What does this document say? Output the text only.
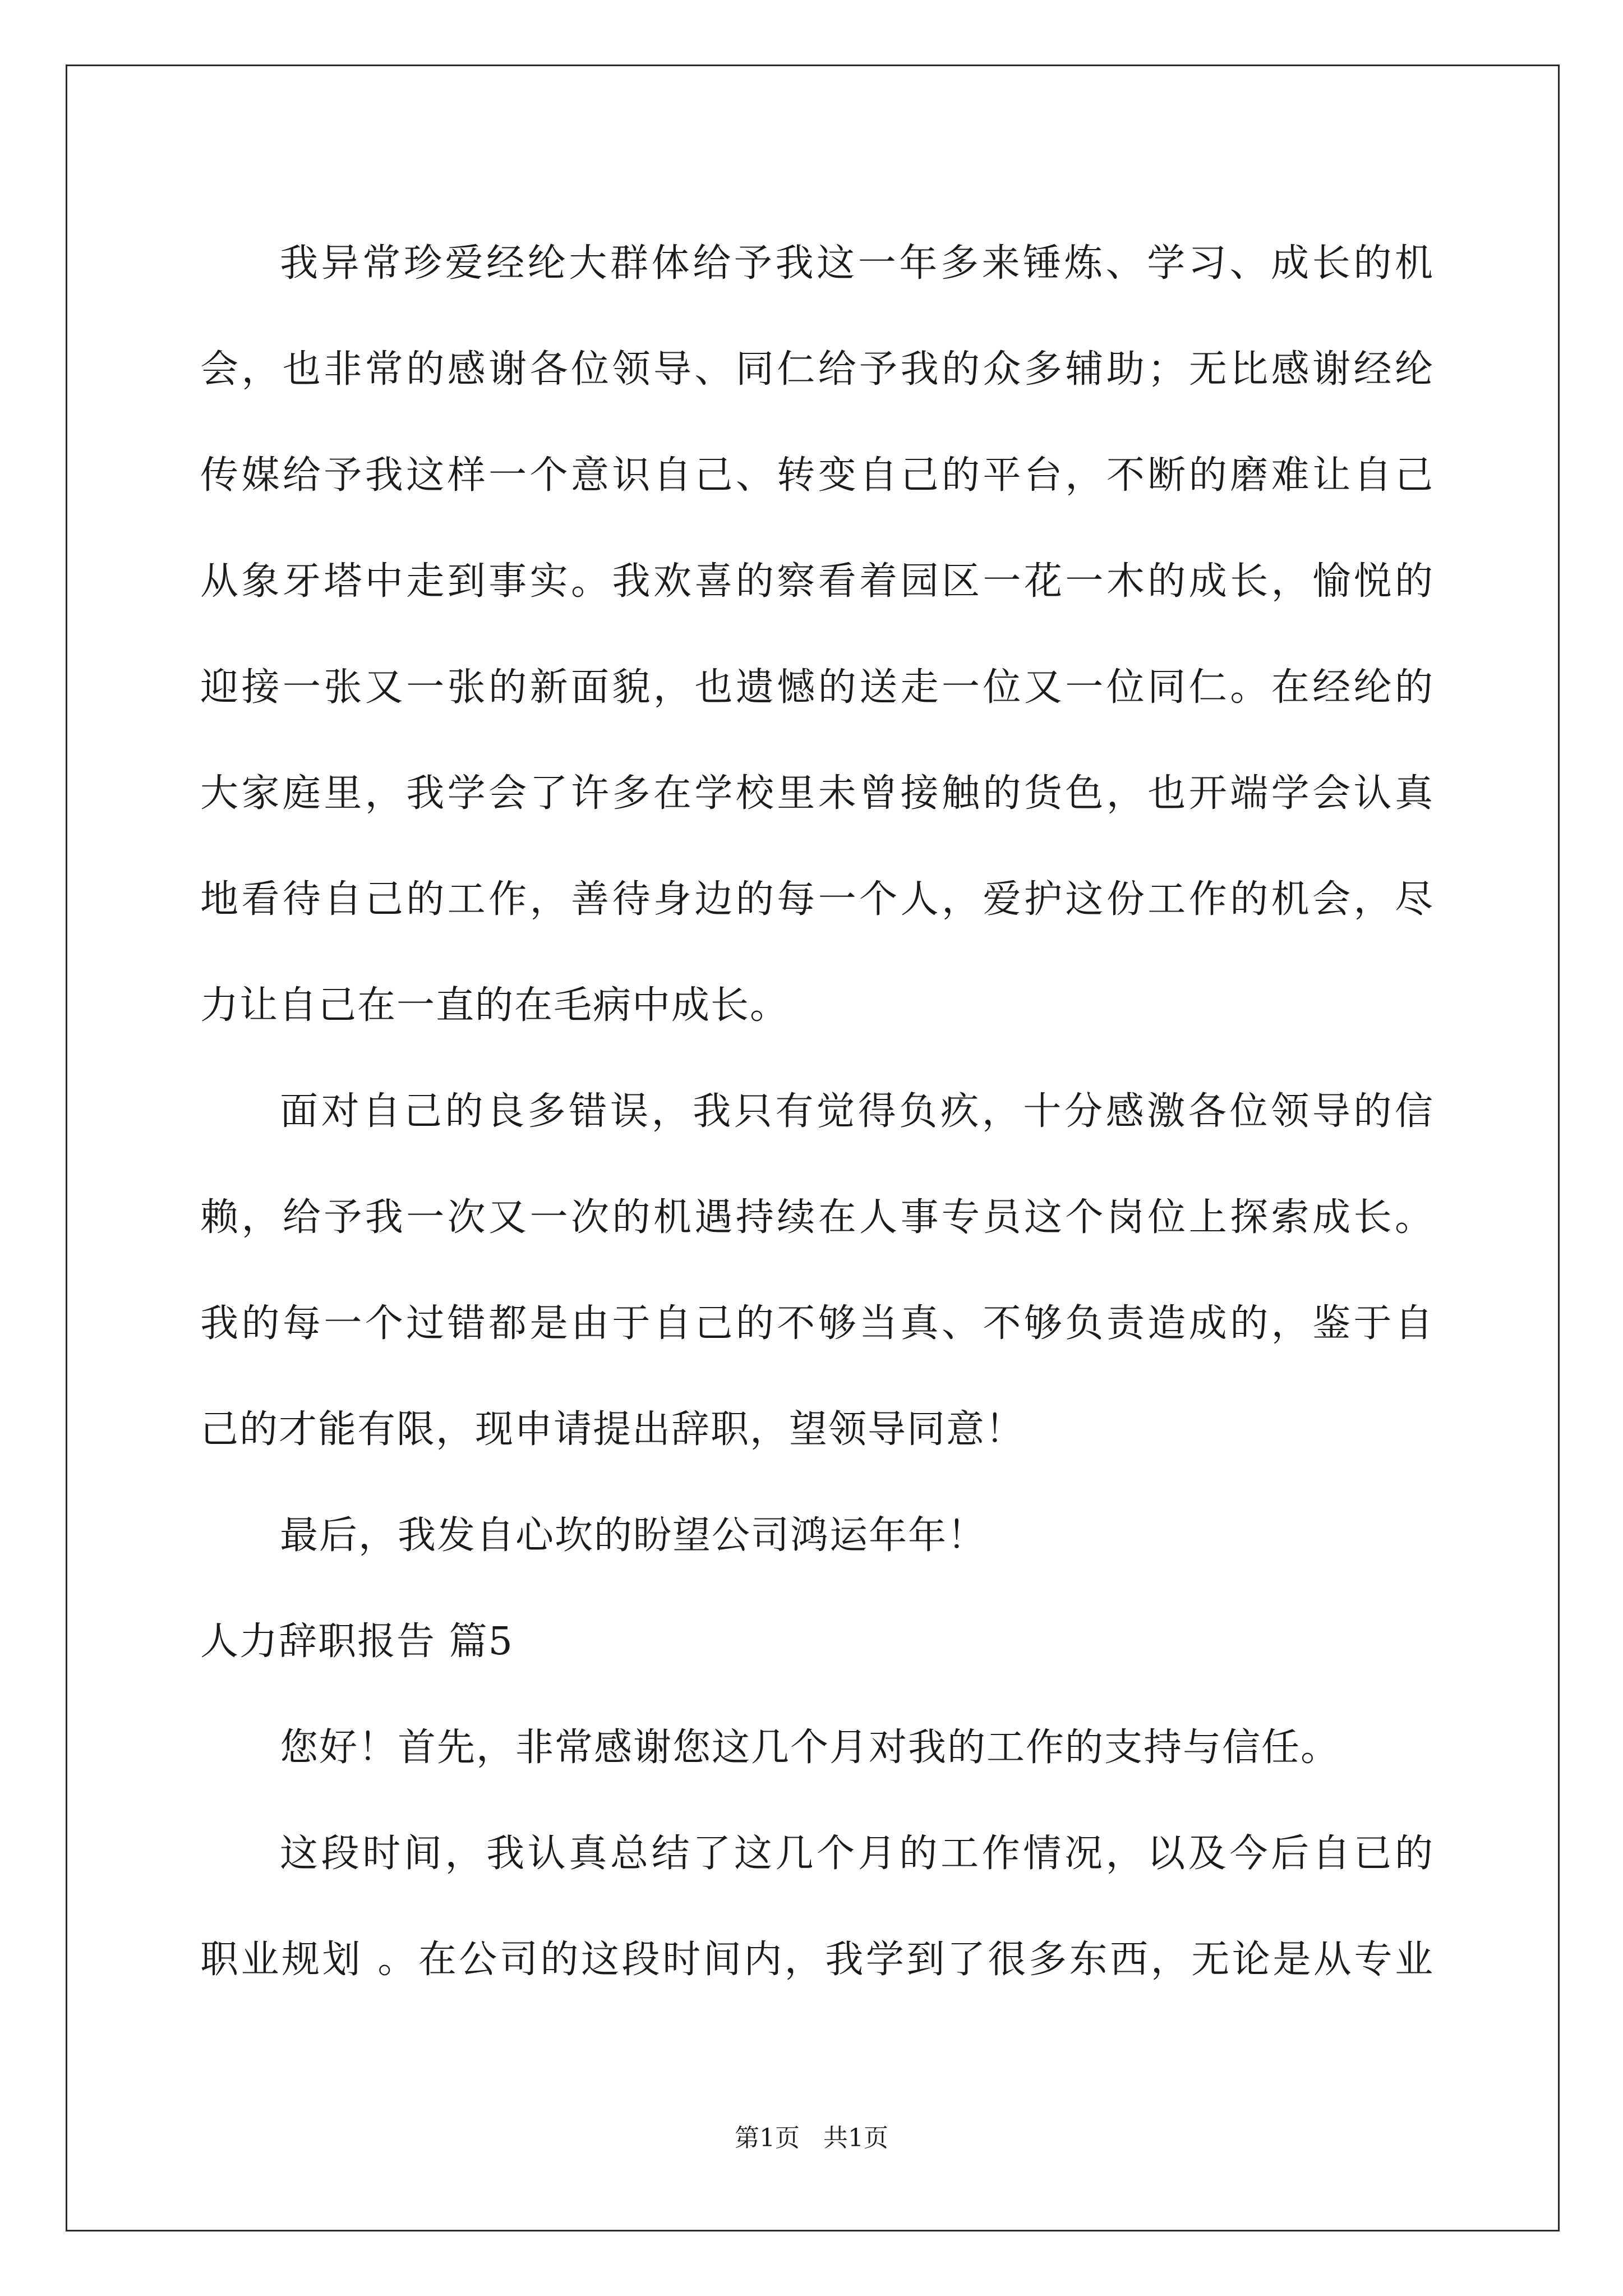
我异常珍爱经纶大群体给予我这一年多来锤炼、学习、成长的机
会，也非常的感谢各位领导、同仁给予我的众多辅助；无比感谢经纶
传媒给予我这样一个意识自己、转变自己的平台，不断的磨难让自己
从象牙塔中走到事实。我欢喜的察看着园区一花一木的成长，愉悦的
迎接一张又一张的新面貌，也遗憾的送走一位又一位同仁。在经纶的
大家庭里，我学会了许多在学校里未曾接触的货色，也开端学会认真
地看待自己的工作，善待身边的每一个人，爱护这份工作的机会，尽
力让自己在一直的在毛病中成长。
面对自己的良多错误，我只有觉得负疚，十分感激各位领导的信
赖，给予我一次又一次的机遇持续在人事专员这个岗位上探索成长。
我的每一个过错都是由于自己的不够当真、不够负责造成的，鉴于自
己的才能有限，现申请提出辞职，望领导同意！
最后，我发自心坎的盼望公司鸿运年年！
人力辞职报告 篇5
您好！首先，非常感谢您这几个月对我的工作的支持与信任。
这段时间，我认真总结了这几个月的工作情况，以及今后自已的
职业规划 。在公司的这段时间内，我学到了很多东西，无论是从专业
第1页 共1页
